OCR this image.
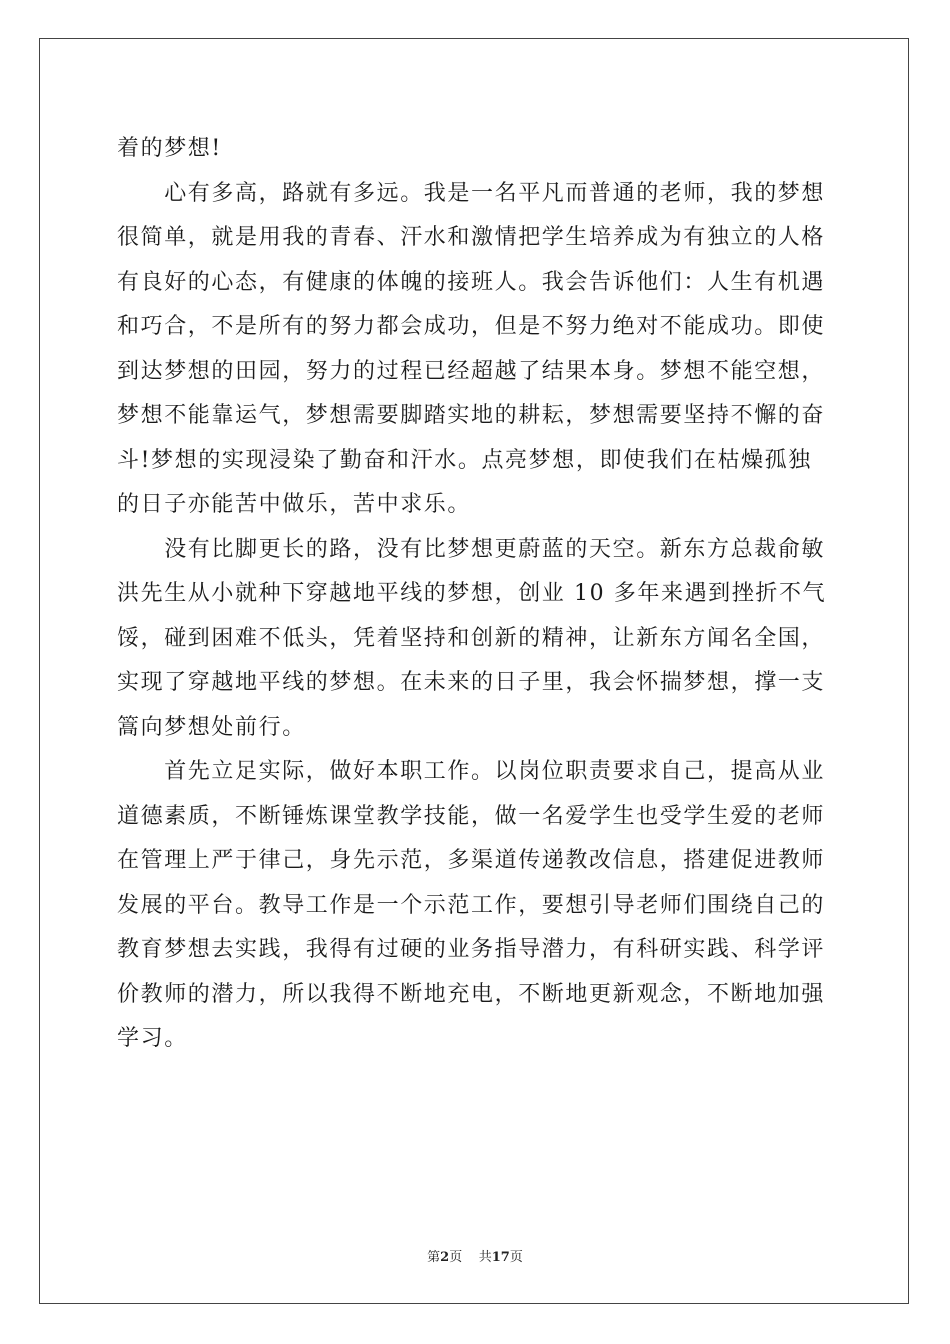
着的梦想!
　　心有多高，路就有多远。我是一名平凡而普通的老师，我的梦想
很简单，就是用我的青春、汗水和激情把学生培养成为有独立的人格
有良好的心态，有健康的体魄的接班人。我会告诉他们：人生有机遇
和巧合，不是所有的努力都会成功，但是不努力绝对不能成功。即使
到达梦想的田园，努力的过程已经超越了结果本身。梦想不能空想，
梦想不能靠运气，梦想需要脚踏实地的耕耘，梦想需要坚持不懈的奋
斗!梦想的实现浸染了勤奋和汗水。点亮梦想，即使我们在枯燥孤独
的日子亦能苦中做乐，苦中求乐。
　　没有比脚更长的路，没有比梦想更蔚蓝的天空。新东方总裁俞敏
洪先生从小就种下穿越地平线的梦想，创业 10 多年来遇到挫折不气
馁，碰到困难不低头，凭着坚持和创新的精神，让新东方闻名全国，
实现了穿越地平线的梦想。在未来的日子里，我会怀揣梦想，撑一支
篙向梦想处前行。
　　首先立足实际，做好本职工作。以岗位职责要求自己，提高从业
道德素质，不断锤炼课堂教学技能，做一名爱学生也受学生爱的老师
在管理上严于律己，身先示范，多渠道传递教改信息，搭建促进教师
发展的平台。教导工作是一个示范工作，要想引导老师们围绕自己的
教育梦想去实践，我得有过硬的业务指导潜力，有科研实践、科学评
价教师的潜力，所以我得不断地充电，不断地更新观念，不断地加强
学习。
第2页 共17页
